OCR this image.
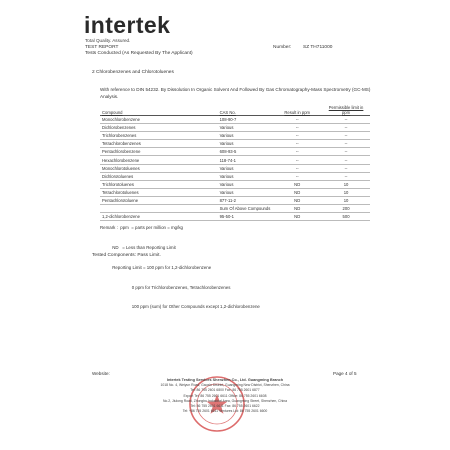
intertek
Total Quality. Assured.
TEST REPORT	Number: SZ TH711000
Tests Conducted (As Requested By The Applicant)
2 Chlorobenzenes and Chlorotoluenes
With reference to DIN 54232. By Dissolution In Organic Solvent And Followed By Gas Chromatography-Mass Spectrometry (GC-MS) Analysis.
Compound	CAS No.	Result in ppm	Permissible limit in ppm
Monochlorobenzene	108-90-7	--	--
Dichlorobenzenes	Various	--	--
Trichlorobenzenes	Various	--	--
Tetrachlorobenzenes	Various	--	--
Pentachlorobenzene	608-93-5	--	--
Hexachlorobenzene	118-74-1	--	--
Monochlorotoluenes	Various	--	--
Dichlorotoluenes	Various	--	--
Trichlorotoluenes	Various	ND	10
Tetrachlorotoluenes	Various	ND	10
Pentachlorotoluene	877-11-2	ND	10
	Sum Of Above Compounds	ND	200
1,2-dichlorobenzene	95-50-1	ND	500

Remark :  ppm  = parts per million = mg/kg

ND   = Less than Reporting Limit

Reporting Limit = 100 ppm for 1,2-dichlorobenzene

0 ppm for Trichlorobenzenes, Tetrachlorobenzenes

100 ppm (sum) for Other Compounds except 1,2-dichlorobenzene

Tested Components: Pass Limit.
Website:	Page 4 of 5
Intertek Testing Services Shenzhen Co., Ltd. Guangming Branch
1018 No. 4, Weiyun Road, Gaoxin District, Guangming New District, Shenzhen, China
Tel: 86 755 2601 6800 Fax: 86 755 2601 6877
Export Tel: 86 755 2601 6611 Office: 86 755 2601 6608
No.2, Jiulong Road, Zhongbu Industrial Area, Guangming Street, Shenzhen, China
Tel: 86 755 2601 6611 Fax: 86 755 2601 6622
Tel: +86 755 2601 6611 Ventures Ltd: 86 755 2601 6600
